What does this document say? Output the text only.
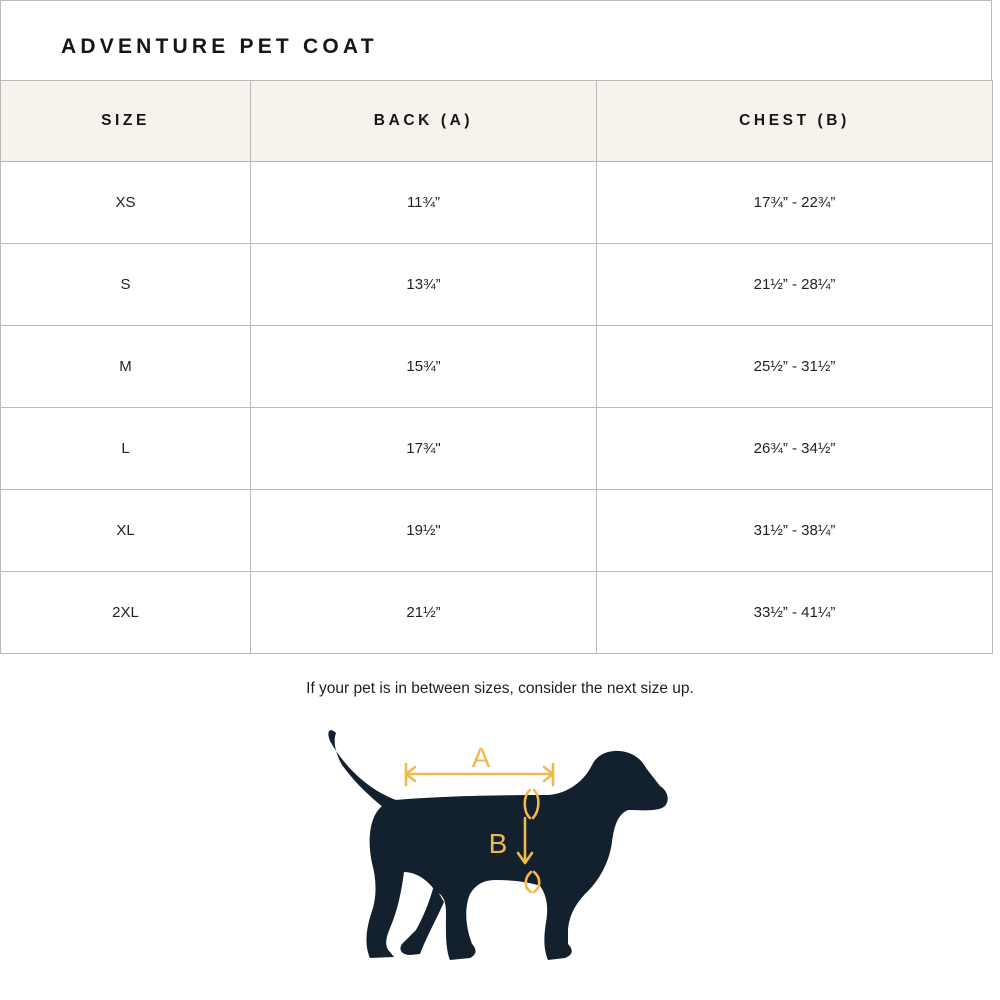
ADVENTURE PET COAT
SIZE	BACK (A)	CHEST (B)
XS	11¾”	17¾” - 22¾”
S	13¾”	21½” - 28¼”
M	15¾”	25½” - 31½”
L	17¾"	26¾” - 34½”
XL	19½"	31½” - 38¼”
2XL	21½”	33½” - 41¼”
If your pet is in between sizes, consider the next size up.
A
B
